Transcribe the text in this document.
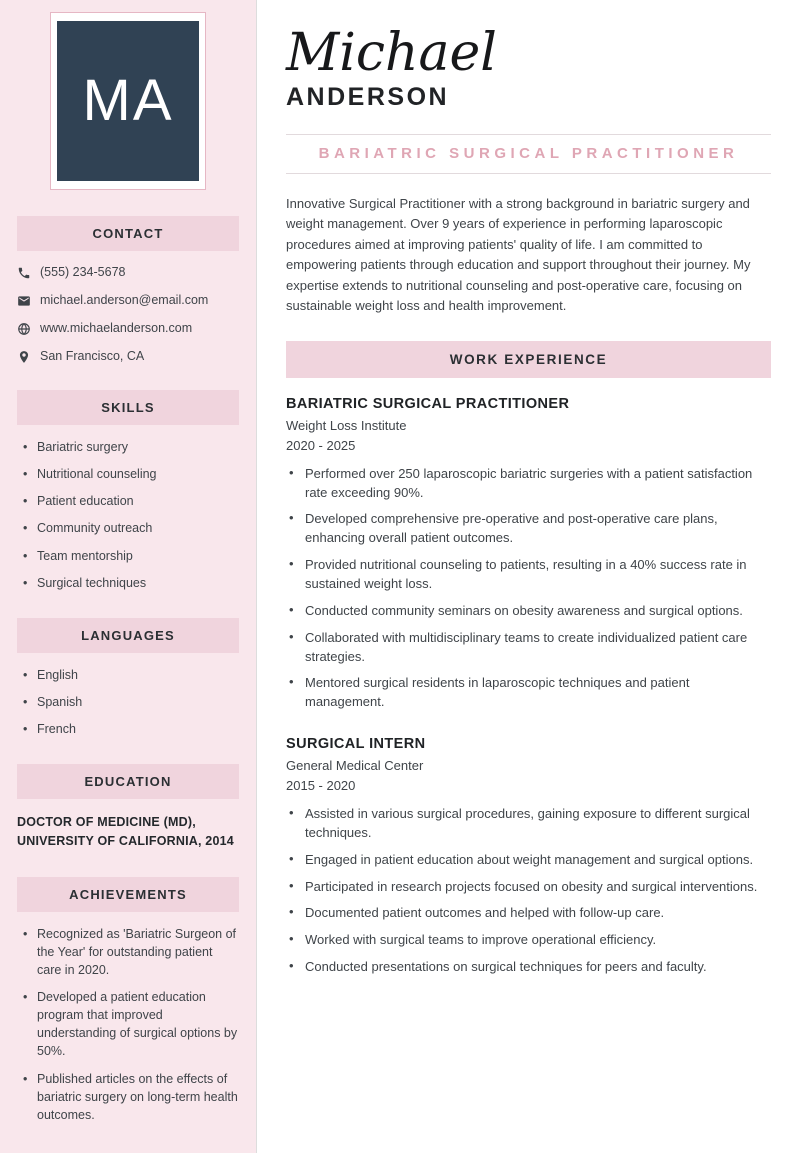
MA
CONTACT
(555) 234-5678
michael.anderson@email.com
www.michaelanderson.com
San Francisco, CA
SKILLS
• Bariatric surgery
• Nutritional counseling
• Patient education
• Community outreach
• Team mentorship
• Surgical techniques
LANGUAGES
• English
• Spanish
• French
EDUCATION
DOCTOR OF MEDICINE (MD), UNIVERSITY OF CALIFORNIA, 2014
ACHIEVEMENTS
• Recognized as 'Bariatric Surgeon of the Year' for outstanding patient care in 2020.
• Developed a patient education program that improved understanding of surgical options by 50%.
• Published articles on the effects of bariatric surgery on long-term health outcomes.
Michael
ANDERSON
BARIATRIC SURGICAL PRACTITIONER

Innovative Surgical Practitioner with a strong background in bariatric surgery and weight management. Over 9 years of experience in performing laparoscopic procedures aimed at improving patients' quality of life. I am committed to empowering patients through education and support throughout their journey. My expertise extends to nutritional counseling and post-operative care, focusing on sustainable weight loss and health improvement.

WORK EXPERIENCE
BARIATRIC SURGICAL PRACTITIONER
Weight Loss Institute
2020 - 2025
• Performed over 250 laparoscopic bariatric surgeries with a patient satisfaction rate exceeding 90%.
• Developed comprehensive pre-operative and post-operative care plans, enhancing overall patient outcomes.
• Provided nutritional counseling to patients, resulting in a 40% success rate in sustained weight loss.
• Conducted community seminars on obesity awareness and surgical options.
• Collaborated with multidisciplinary teams to create individualized patient care strategies.
• Mentored surgical residents in laparoscopic techniques and patient management.
SURGICAL INTERN
General Medical Center
2015 - 2020
• Assisted in various surgical procedures, gaining exposure to different surgical techniques.
• Engaged in patient education about weight management and surgical options.
• Participated in research projects focused on obesity and surgical interventions.
• Documented patient outcomes and helped with follow-up care.
• Worked with surgical teams to improve operational efficiency.
• Conducted presentations on surgical techniques for peers and faculty.
